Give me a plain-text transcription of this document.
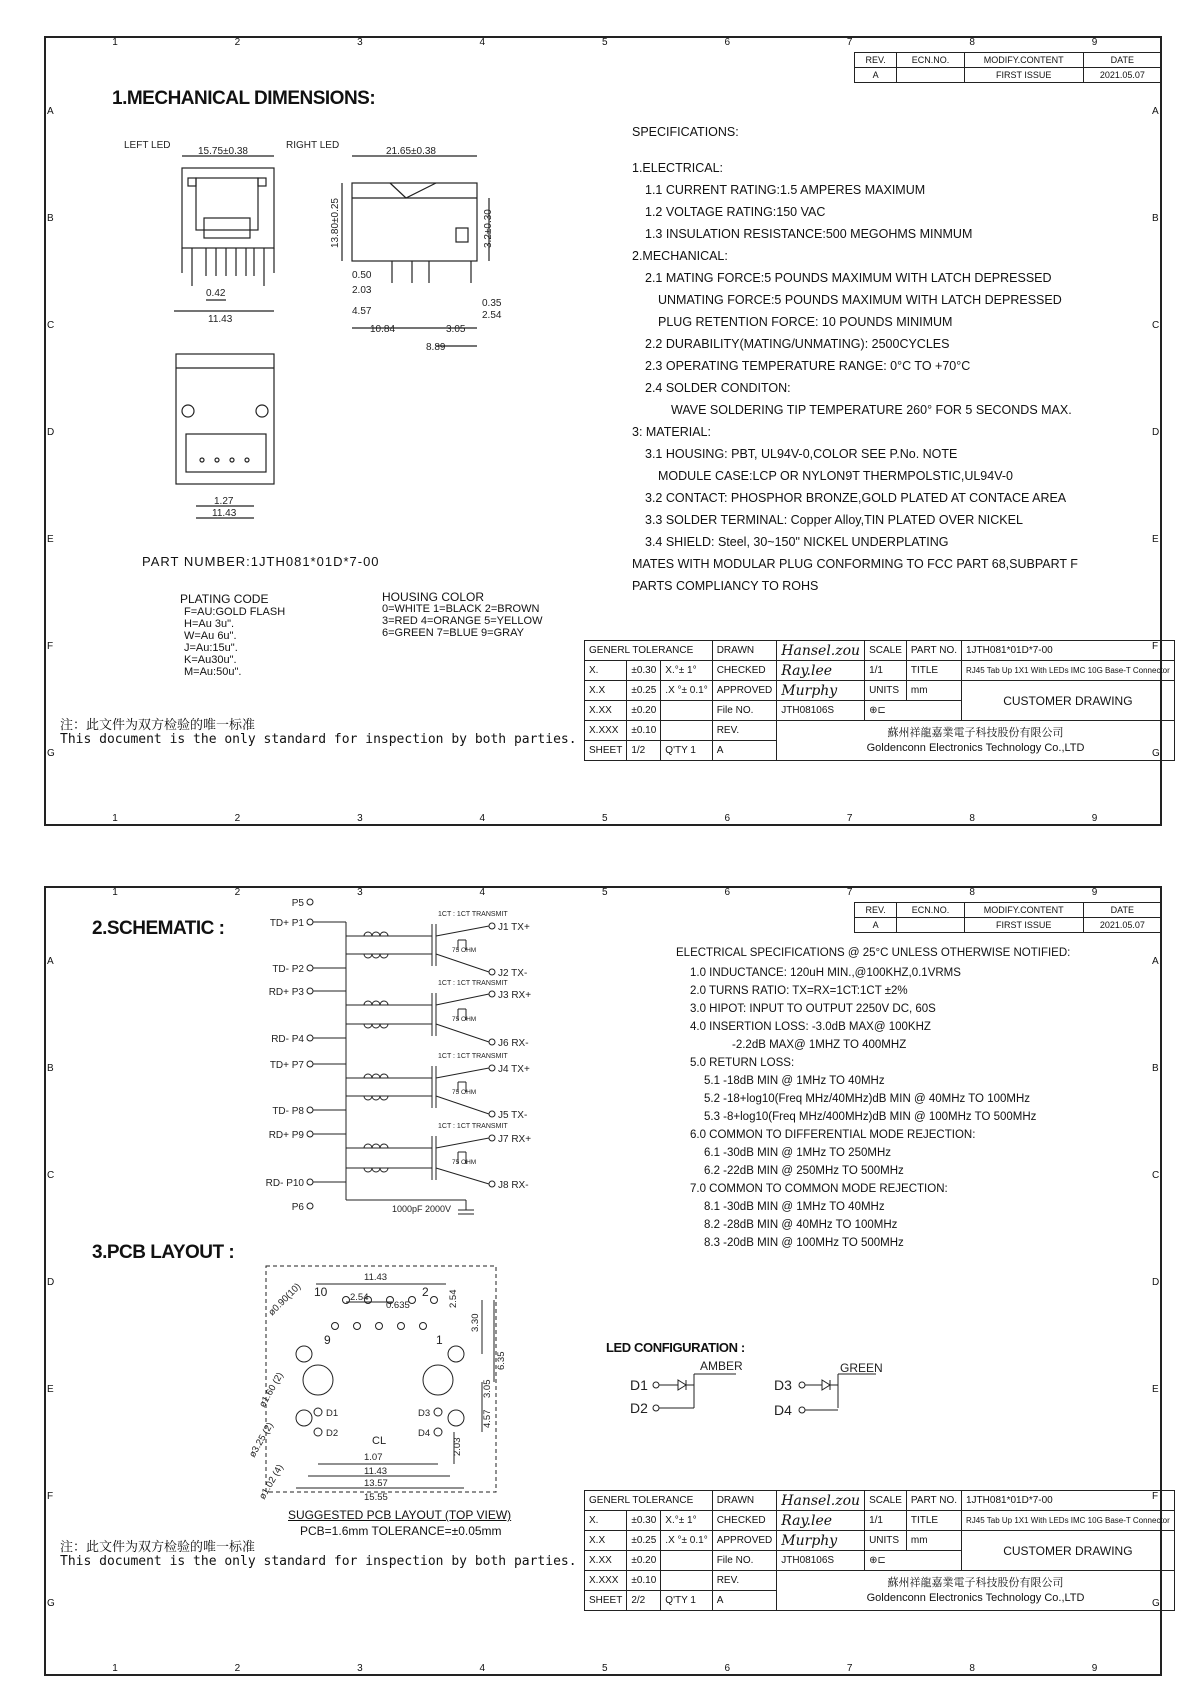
REV.	ECN.NO.	MODIFY.CONTENT	DATE
A		FIRST ISSUE	2021.05.07
1.MECHANICAL DIMENSIONS:
LEFT LED	RIGHT LED
15.75±0.38
0.42
11.43
1.27
11.43
21.65±0.38
0.50
2.03
4.57
10.84	3.05
8.89
0.35
2.54
13.80±0.25	3.2±0.30
PART NUMBER:1JTH081*01D*7-00
PLATING CODE
F=AU:GOLD FLASH
H=Au 3u".
W=Au 6u".
J=Au:15u".
K=Au30u".
M=Au:50u".
HOUSING COLOR
0=WHITE 1=BLACK 2=BROWN
3=RED 4=ORANGE 5=YELLOW
6=GREEN 7=BLUE 9=GRAY
SPECIFICATIONS:
1.ELECTRICAL:
1.1 CURRENT RATING:1.5 AMPERES MAXIMUM
1.2 VOLTAGE RATING:150 VAC
1.3 INSULATION RESISTANCE:500 MEGOHMS MINMUM
2.MECHANICAL:
2.1 MATING FORCE:5 POUNDS MAXIMUM WITH LATCH DEPRESSED
UNMATING FORCE:5 POUNDS MAXIMUM WITH LATCH DEPRESSED
PLUG RETENTION FORCE: 10 POUNDS MINIMUM
2.2 DURABILITY(MATING/UNMATING): 2500CYCLES
2.3 OPERATING TEMPERATURE RANGE: 0°C TO +70°C
2.4 SOLDER CONDITON:
WAVE SOLDERING TIP TEMPERATURE 260° FOR 5 SECONDS MAX.
3: MATERIAL:
3.1 HOUSING: PBT, UL94V-0,COLOR SEE P.No. NOTE
MODULE CASE:LCP OR NYLON9T THERMPOLSTIC,UL94V-0
3.2 CONTACT: PHOSPHOR BRONZE,GOLD PLATED AT CONTACE AREA
3.3 SOLDER TERMINAL: Copper Alloy,TIN PLATED OVER NICKEL
3.4 SHIELD: Steel, 30~150" NICKEL UNDERPLATING
MATES WITH MODULAR PLUG CONFORMING TO FCC PART 68,SUBPART F
PARTS COMPLIANCY TO ROHS
注：此文件为双方检验的唯一标准
This document is the only standard for inspection by both parties.
GENERL TOLERANCE			DRAWN	Hansel.zou	SCALE	PART NO.	1JTH081*01D*7-00
X.	±0.30	X.°± 1°	CHECKED	Ray.lee	1/1	TITLE	RJ45 Tab Up 1X1 With LEDs IMC 10G Base-T Connector
X.X	±0.25	.X °± 0.1°	APPROVED	Murphy	UNITS	mm	CUSTOMER DRAWING
X.XX	±0.20		File NO.	JTH08106S	⊕⊏		
X.XXX	±0.10		REV.	蘇州祥龍嘉業電子科技股份有限公司
Goldenconn Electronics Technology Co.,LTD			

SHEET	1/2	Q'TY 1	A				
1
1
2
2
3
3
4
4
5
5
6
6
7
7
8
8
9
9
A	A
B	B
C	C
D	D
E	E
F	F
G	G
REV.	ECN.NO.	MODIFY.CONTENT	DATE
A		FIRST ISSUE	2021.05.07
2.SCHEMATIC :
3.PCB LAYOUT :
P5
TD+ P1
TD- P2
RD+ P3
RD- P4
TD+ P7
TD- P8
RD+ P9
RD- P10
P6
J1 TX+
J2 TX-
J3 RX+
J6 RX-
J4 TX+
J5 TX-
J7 RX+
J8 RX-
1CT : 1CT TRANSMIT
75 OHM
1CT : 1CT TRANSMIT
75 OHM
1CT : 1CT TRANSMIT
75 OHM
1CT : 1CT TRANSMIT
75 OHM
1000pF 2000V
11.43
2.54
0.635	2.54
3.30
3.05
6.35
4.57
2.03
1.07
11.43
13.57
15.55
ø0.90(10)
ø1.60 (2)
ø3.25 (2)
ø1.02 (4)
10	2
9	1
D1
D2
D3
D4
CL
SUGGESTED PCB LAYOUT (TOP VIEW)
PCB=1.6mm TOLERANCE=±0.05mm
ELECTRICAL SPECIFICATIONS @ 25°C UNLESS OTHERWISE NOTIFIED:
1.0 INDUCTANCE: 120uH MIN.,@100KHZ,0.1VRMS
2.0 TURNS RATIO: TX=RX=1CT:1CT ±2%
3.0 HIPOT: INPUT TO OUTPUT 2250V DC, 60S
4.0 INSERTION LOSS: -3.0dB MAX@ 100KHZ
-2.2dB MAX@ 1MHZ TO 400MHZ
5.0 RETURN LOSS:
5.1 -18dB MIN @ 1MHz TO 40MHz
5.2 -18+log10(Freq MHz/40MHz)dB MIN @ 40MHz TO 100MHz
5.3 -8+log10(Freq MHz/400MHz)dB MIN @ 100MHz TO 500MHz
6.0 COMMON TO DIFFERENTIAL MODE REJECTION:
6.1 -30dB MIN @ 1MHz TO 250MHz
6.2 -22dB MIN @ 250MHz TO 500MHz
7.0 COMMON TO COMMON MODE REJECTION:
8.1 -30dB MIN @ 1MHz TO 40MHz
8.2 -28dB MIN @ 40MHz TO 100MHz
8.3 -20dB MIN @ 100MHz TO 500MHz
LED CONFIGURATION :
D1
D2
D3
D4
AMBER	GREEN
注：此文件为双方检验的唯一标准
This document is the only standard for inspection by both parties.
GENERL TOLERANCE			DRAWN	Hansel.zou	SCALE	PART NO.	1JTH081*01D*7-00
X.	±0.30	X.°± 1°	CHECKED	Ray.lee	1/1	TITLE	RJ45 Tab Up 1X1 With LEDs IMC 10G Base-T Connector
X.X	±0.25	.X °± 0.1°	APPROVED	Murphy	UNITS	mm	CUSTOMER DRAWING
X.XX	±0.20		File NO.	JTH08106S	⊕⊏		
X.XXX	±0.10		REV.	蘇州祥龍嘉業電子科技股份有限公司
Goldenconn Electronics Technology Co.,LTD			

SHEET	2/2	Q'TY 1	A				
1
1
2
2
3
3
4
4
5
5
6
6
7
7
8
8
9
9
A	A
B	B
C	C
D	D
E	E
F	F
G	G
